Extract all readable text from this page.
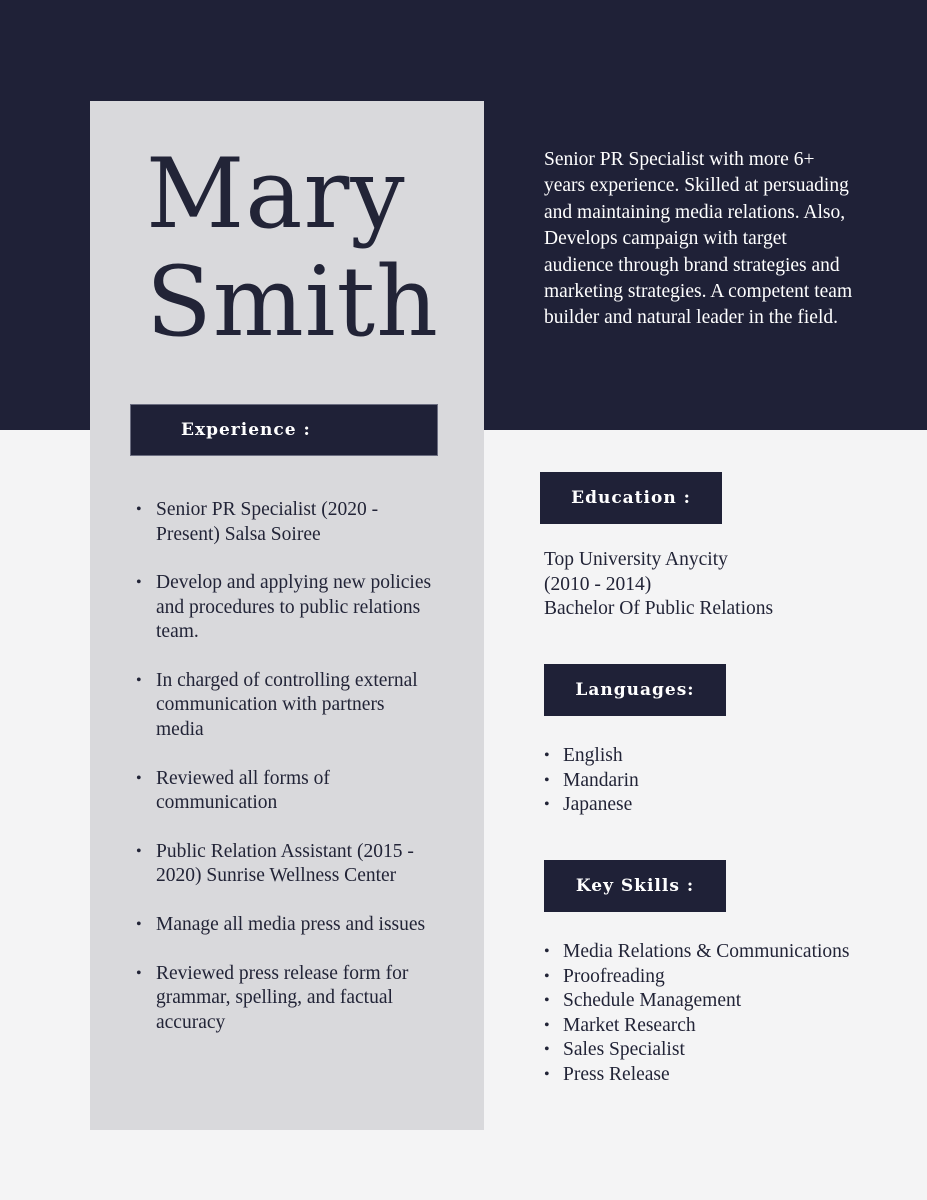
Mary
Smith

Senior PR Specialist with more 6+ years experience. Skilled at persuading and maintaining media relations. Also, Develops campaign with target audience through brand strategies and marketing strategies. A competent team builder and natural leader in the field.

Experience :
• Senior PR Specialist (2020 - Present) Salsa Soiree
• Develop and applying new policies and procedures to public relations team.
• In charged of controlling external communication with partners media
• Reviewed all forms of communication
• Public Relation Assistant (2015 - 2020) Sunrise Wellness Center
• Manage all media press and issues
• Reviewed press release form for grammar, spelling, and factual accuracy
Education :
Top University Anycity
(2010 - 2014)
Bachelor Of Public Relations
Languages:
• English
• Mandarin
• Japanese
Key Skills :
• Media Relations & Communications
• Proofreading
• Schedule Management
• Market Research
• Sales Specialist
• Press Release
